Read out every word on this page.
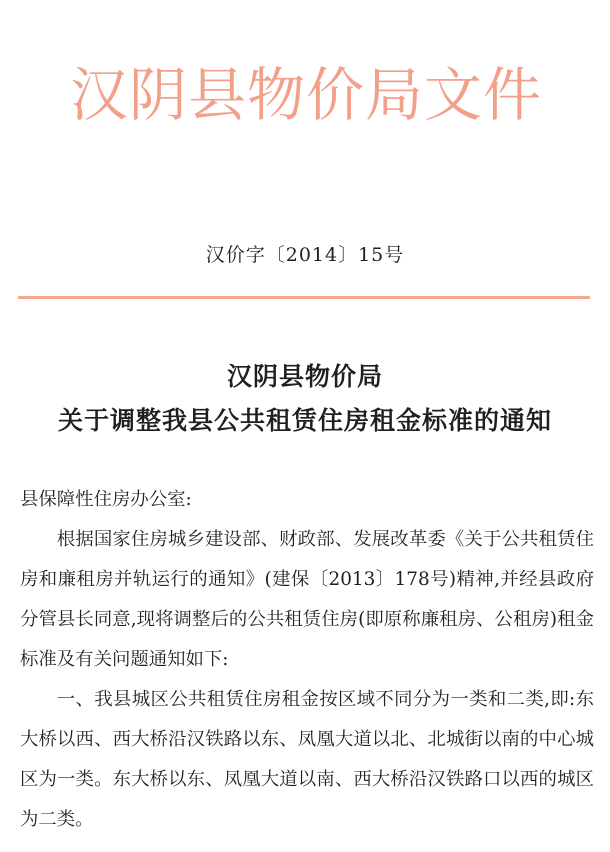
汉阴县物价局文件
汉价字〔2014〕15号
汉阴县物价局
关于调整我县公共租赁住房租金标准的通知

县保障性住房办公室:

根据国家住房城乡建设部、财政部、发展改革委《关于公共租赁住房和廉租房并轨运行的通知》(建保〔2013〕178号)精神,并经县政府分管县长同意,现将调整后的公共租赁住房(即原称廉租房、公租房)租金标准及有关问题通知如下:

一、我县城区公共租赁住房租金按区域不同分为一类和二类,即:东大桥以西、西大桥沿汉铁路以东、凤凰大道以北、北城街以南的中心城区为一类。东大桥以东、凤凰大道以南、西大桥沿汉铁路口以西的城区为二类。
